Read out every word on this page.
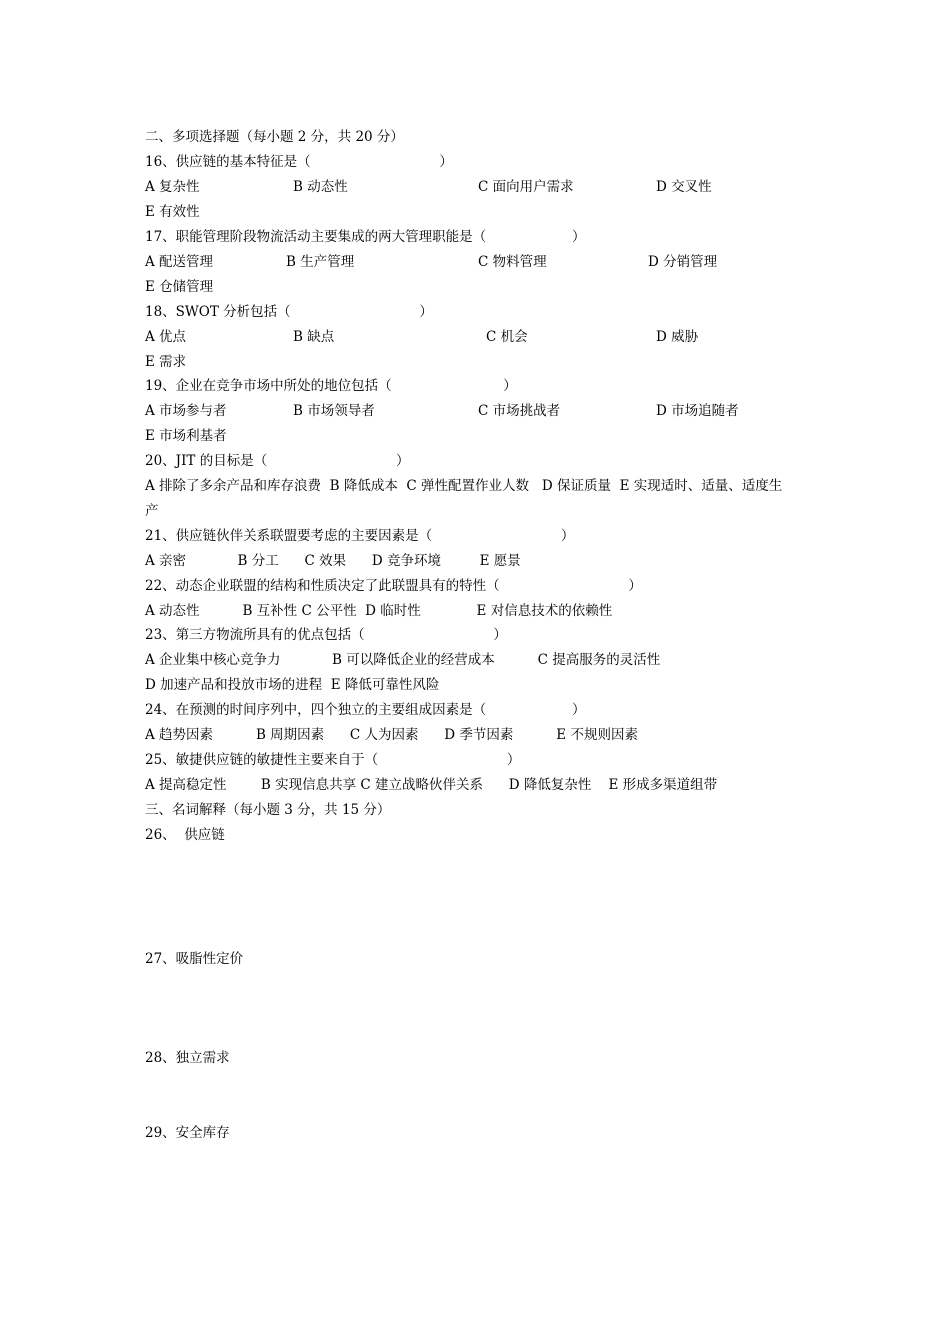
二、多项选择题（每小题 2 分，共 20 分）
16、供应链的基本特征是（                              ）
A 复杂性	B 动态性	C 面向用户需求	D 交叉性
E 有效性
17、职能管理阶段物流活动主要集成的两大管理职能是（                    ）
A 配送管理	B 生产管理	C 物料管理	D 分销管理
E 仓储管理
18、SWOT 分析包括（                              ）
A 优点	B 缺点	C 机会	D 威胁
E 需求
19、企业在竞争市场中所处的地位包括（                          ）
A 市场参与者	B 市场领导者	C 市场挑战者	D 市场追随者
E 市场利基者
20、JIT 的目标是（                              ）
A 排除了多余产品和库存浪费  B 降低成本  C 弹性配置作业人数   D 保证质量  E 实现适时、适量、适度生
产
21、供应链伙伴关系联盟要考虑的主要因素是（                              ）
A 亲密            B 分工      C 效果      D 竞争环境         E 愿景
22、动态企业联盟的结构和性质决定了此联盟具有的特性（                              ）
A 动态性          B 互补性 C 公平性  D 临时性             E 对信息技术的依赖性
23、第三方物流所具有的优点包括（                              ）
A 企业集中核心竞争力            B 可以降低企业的经营成本          C 提高服务的灵活性
D 加速产品和投放市场的进程  E 降低可靠性风险
24、在预测的时间序列中，四个独立的主要组成因素是（                    ）
A 趋势因素          B 周期因素      C 人为因素      D 季节因素          E 不规则因素
25、敏捷供应链的敏捷性主要来自于（                              ）
A 提高稳定性        B 实现信息共享 C 建立战略伙伴关系      D 降低复杂性    E 形成多渠道组带
三、名词解释（每小题 3 分，共 15 分）
26、  供应链
27、吸脂性定价
28、独立需求
29、安全库存
